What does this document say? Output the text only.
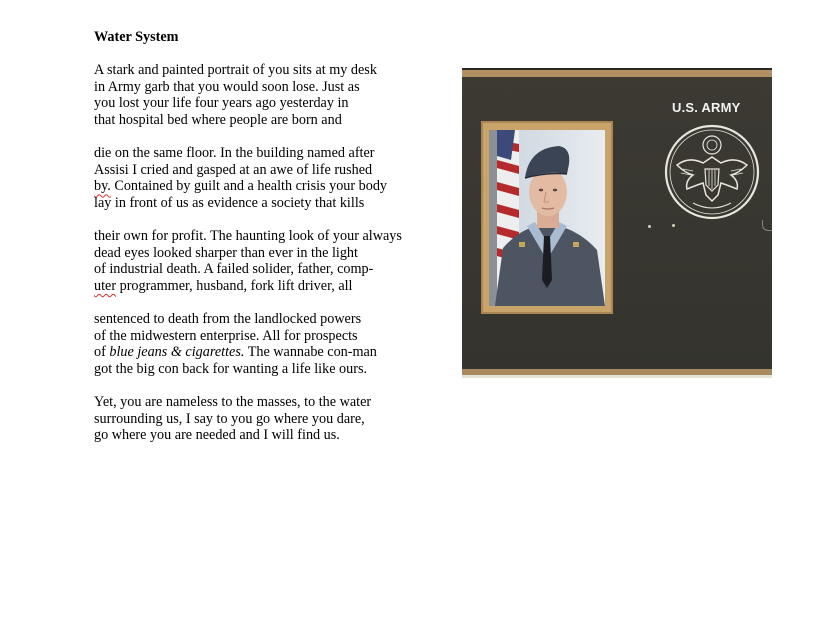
Water System
A stark and painted portrait of you sits at my desk
in Army garb that you would soon lose. Just as
you lost your life four years ago yesterday in
that hospital bed where people are born and
die on the same floor. In the building named after
Assisi I cried and gasped at an awe of life rushed
by. Contained by guilt and a health crisis your body
lay in front of us as evidence a society that kills
their own for profit. The haunting look of your always
dead eyes looked sharper than ever in the light
of industrial death. A failed solider, father, comp-
uter programmer, husband, fork lift driver, all
sentenced to death from the landlocked powers
of the midwestern enterprise. All for prospects
of blue jeans & cigarettes. The wannabe con-man
got the big con back for wanting a life like ours.
Yet, you are nameless to the masses, to the water
surrounding us, I say to you go where you dare,
go where you are needed and I will find us.
U.S. ARMY
